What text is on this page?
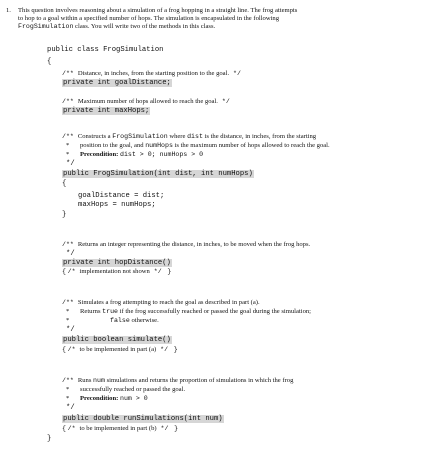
1. This question involves reasoning about a simulation of a frog hopping in a straight line. The frog attempts
to hop to a goal within a specified number of hops. The simulation is encapsulated in the following
FrogSimulation class. You will write two of the methods in this class.
public class FrogSimulation
{
/** Distance, in inches, from the starting position to the goal. */
private int goalDistance;
/** Maximum number of hops allowed to reach the goal. */
private int maxHops;
/** Constructs a FrogSimulation where dist is the distance, in inches, from the starting
* position to the goal, and numHops is the maximum number of hops allowed to reach the goal.
* Precondition: dist > 0; numHops > 0
*/
public FrogSimulation(int dist, int numHops)
{
goalDistance = dist;
maxHops = numHops;
}
/** Returns an integer representing the distance, in inches, to be moved when the frog hops.
*/
private int hopDistance()
{ /* implementation not shown */ }
/** Simulates a frog attempting to reach the goal as described in part (a).
* Returns true if the frog successfully reached or passed the goal during the simulation;
*	false otherwise.
*/
public boolean simulate()
{ /* to be implemented in part (a) */ }
/** Runs num simulations and returns the proportion of simulations in which the frog
* successfully reached or passed the goal.
* Precondition: num > 0
*/
public double runSimulations(int num)
{ /* to be implemented in part (b) */ }
}
